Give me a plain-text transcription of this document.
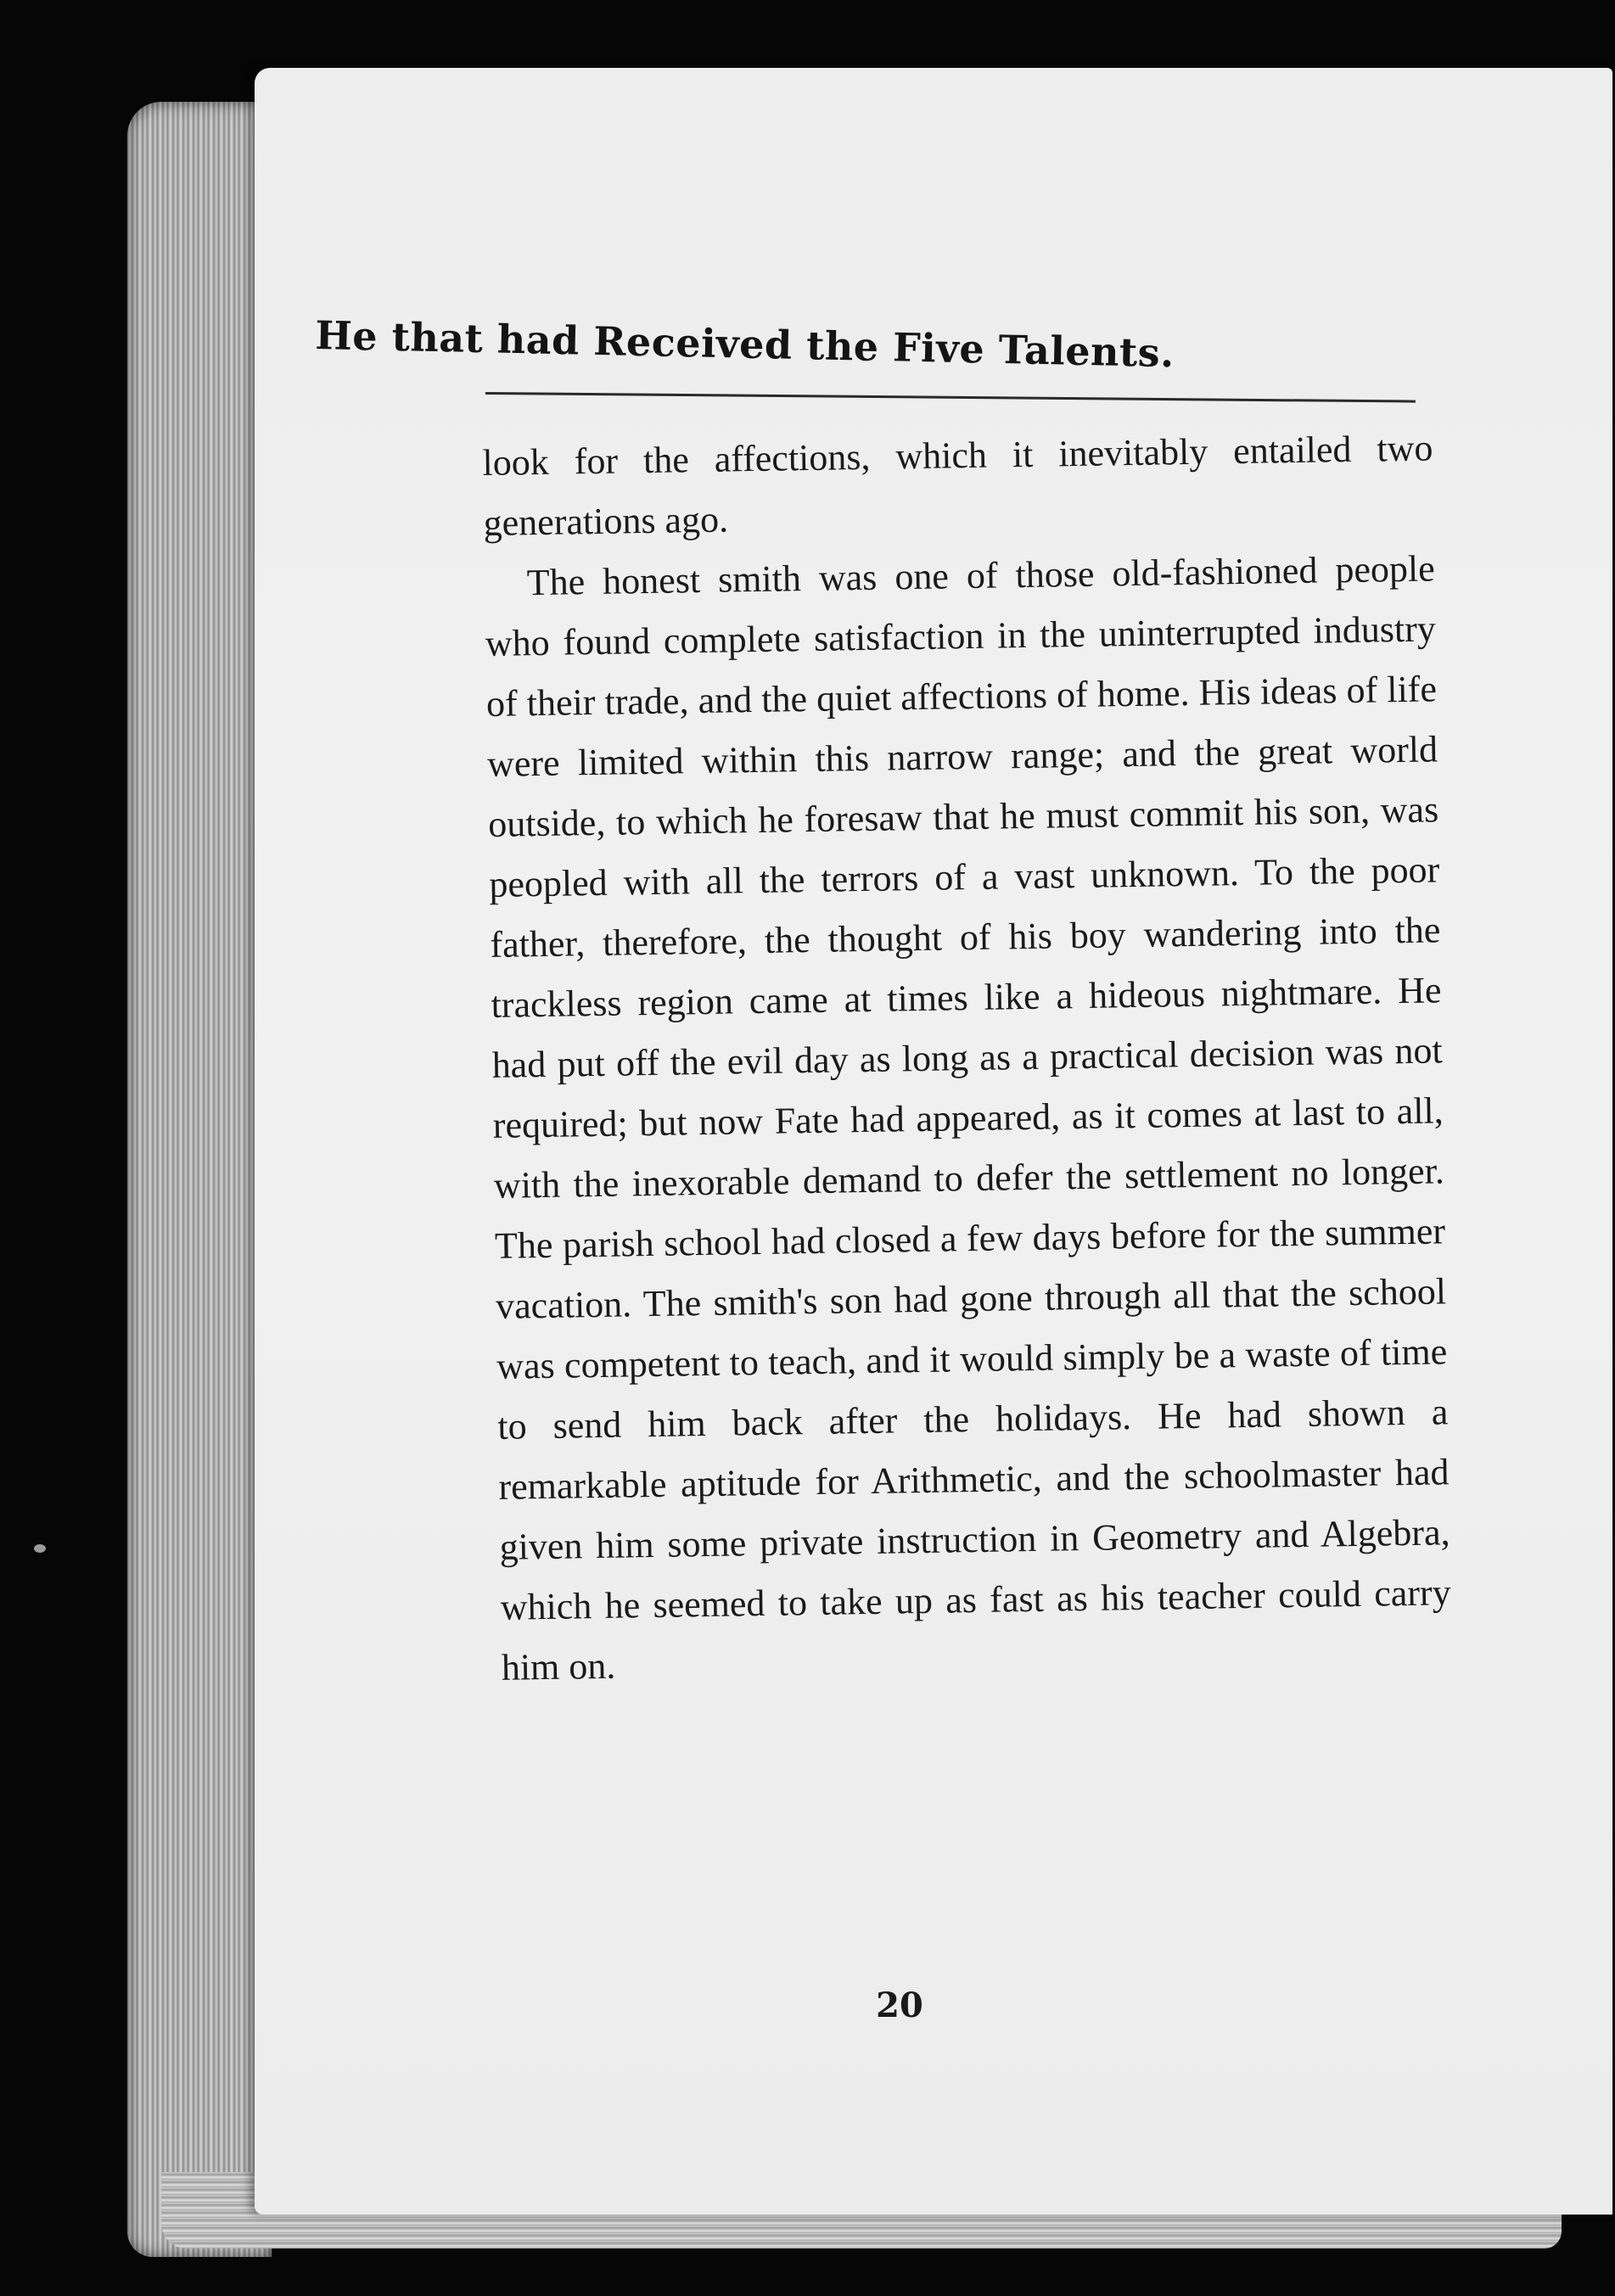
He that had Received the Five Talents.

look for the affections, which it inevitably entailed two generations ago.

The honest smith was one of those old-fashioned people who found complete satisfaction in the uninterrupted industry of their trade, and the quiet affections of home. His ideas of life were limited within this narrow range; and the great world outside, to which he foresaw that he must commit his son, was peopled with all the terrors of a vast unknown. To the poor father, therefore, the thought of his boy wandering into the trackless region came at times like a hideous nightmare. He had put off the evil day as long as a practical decision was not required; but now Fate had appeared, as it comes at last to all, with the inexorable demand to defer the settlement no longer. The parish school had closed a few days before for the summer vacation. The smith's son had gone through all that the school was competent to teach, and it would simply be a waste of time to send him back after the holidays. He had shown a remarkable aptitude for Arithmetic, and the schoolmaster had given him some private instruction in Geometry and Algebra, which he seemed to take up as fast as his teacher could carry him on.

20
